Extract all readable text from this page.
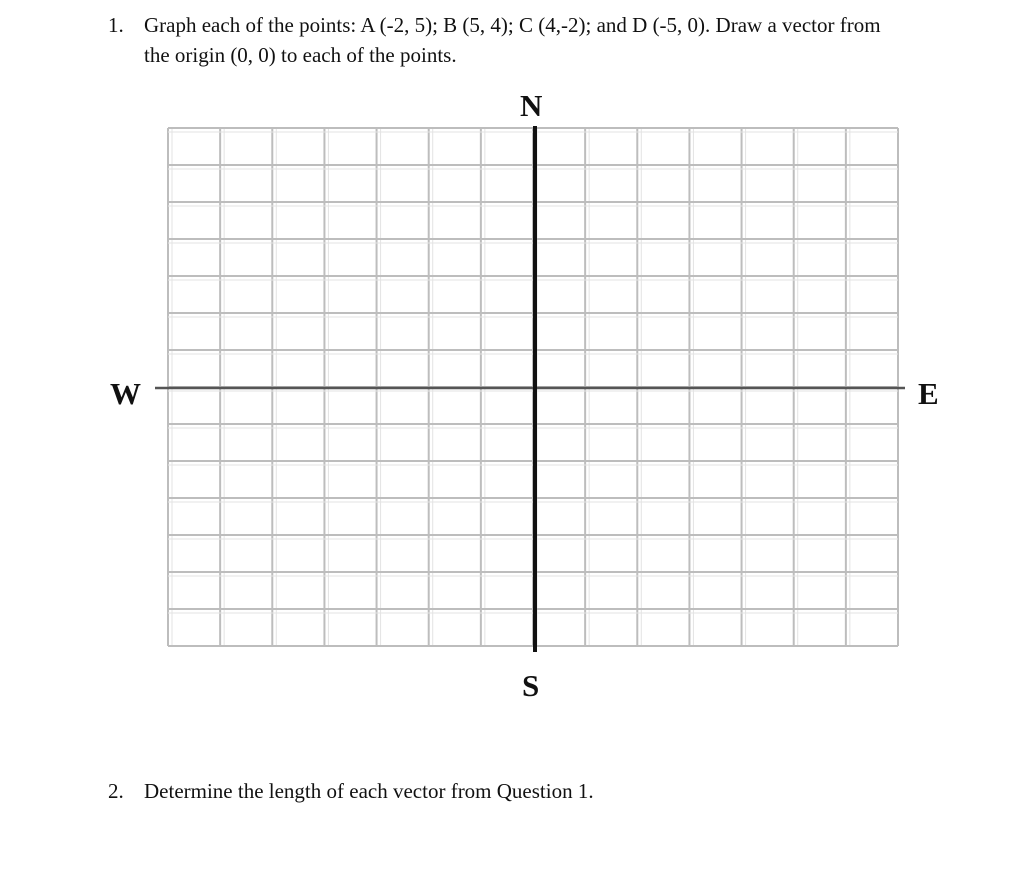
1. Graph each of the points: A (-2, 5); B (5, 4); C (4,-2); and D (-5, 0). Draw a vector from
the origin (0, 0) to each of the points.
N
S
W	E
2. Determine the length of each vector from Question 1.
